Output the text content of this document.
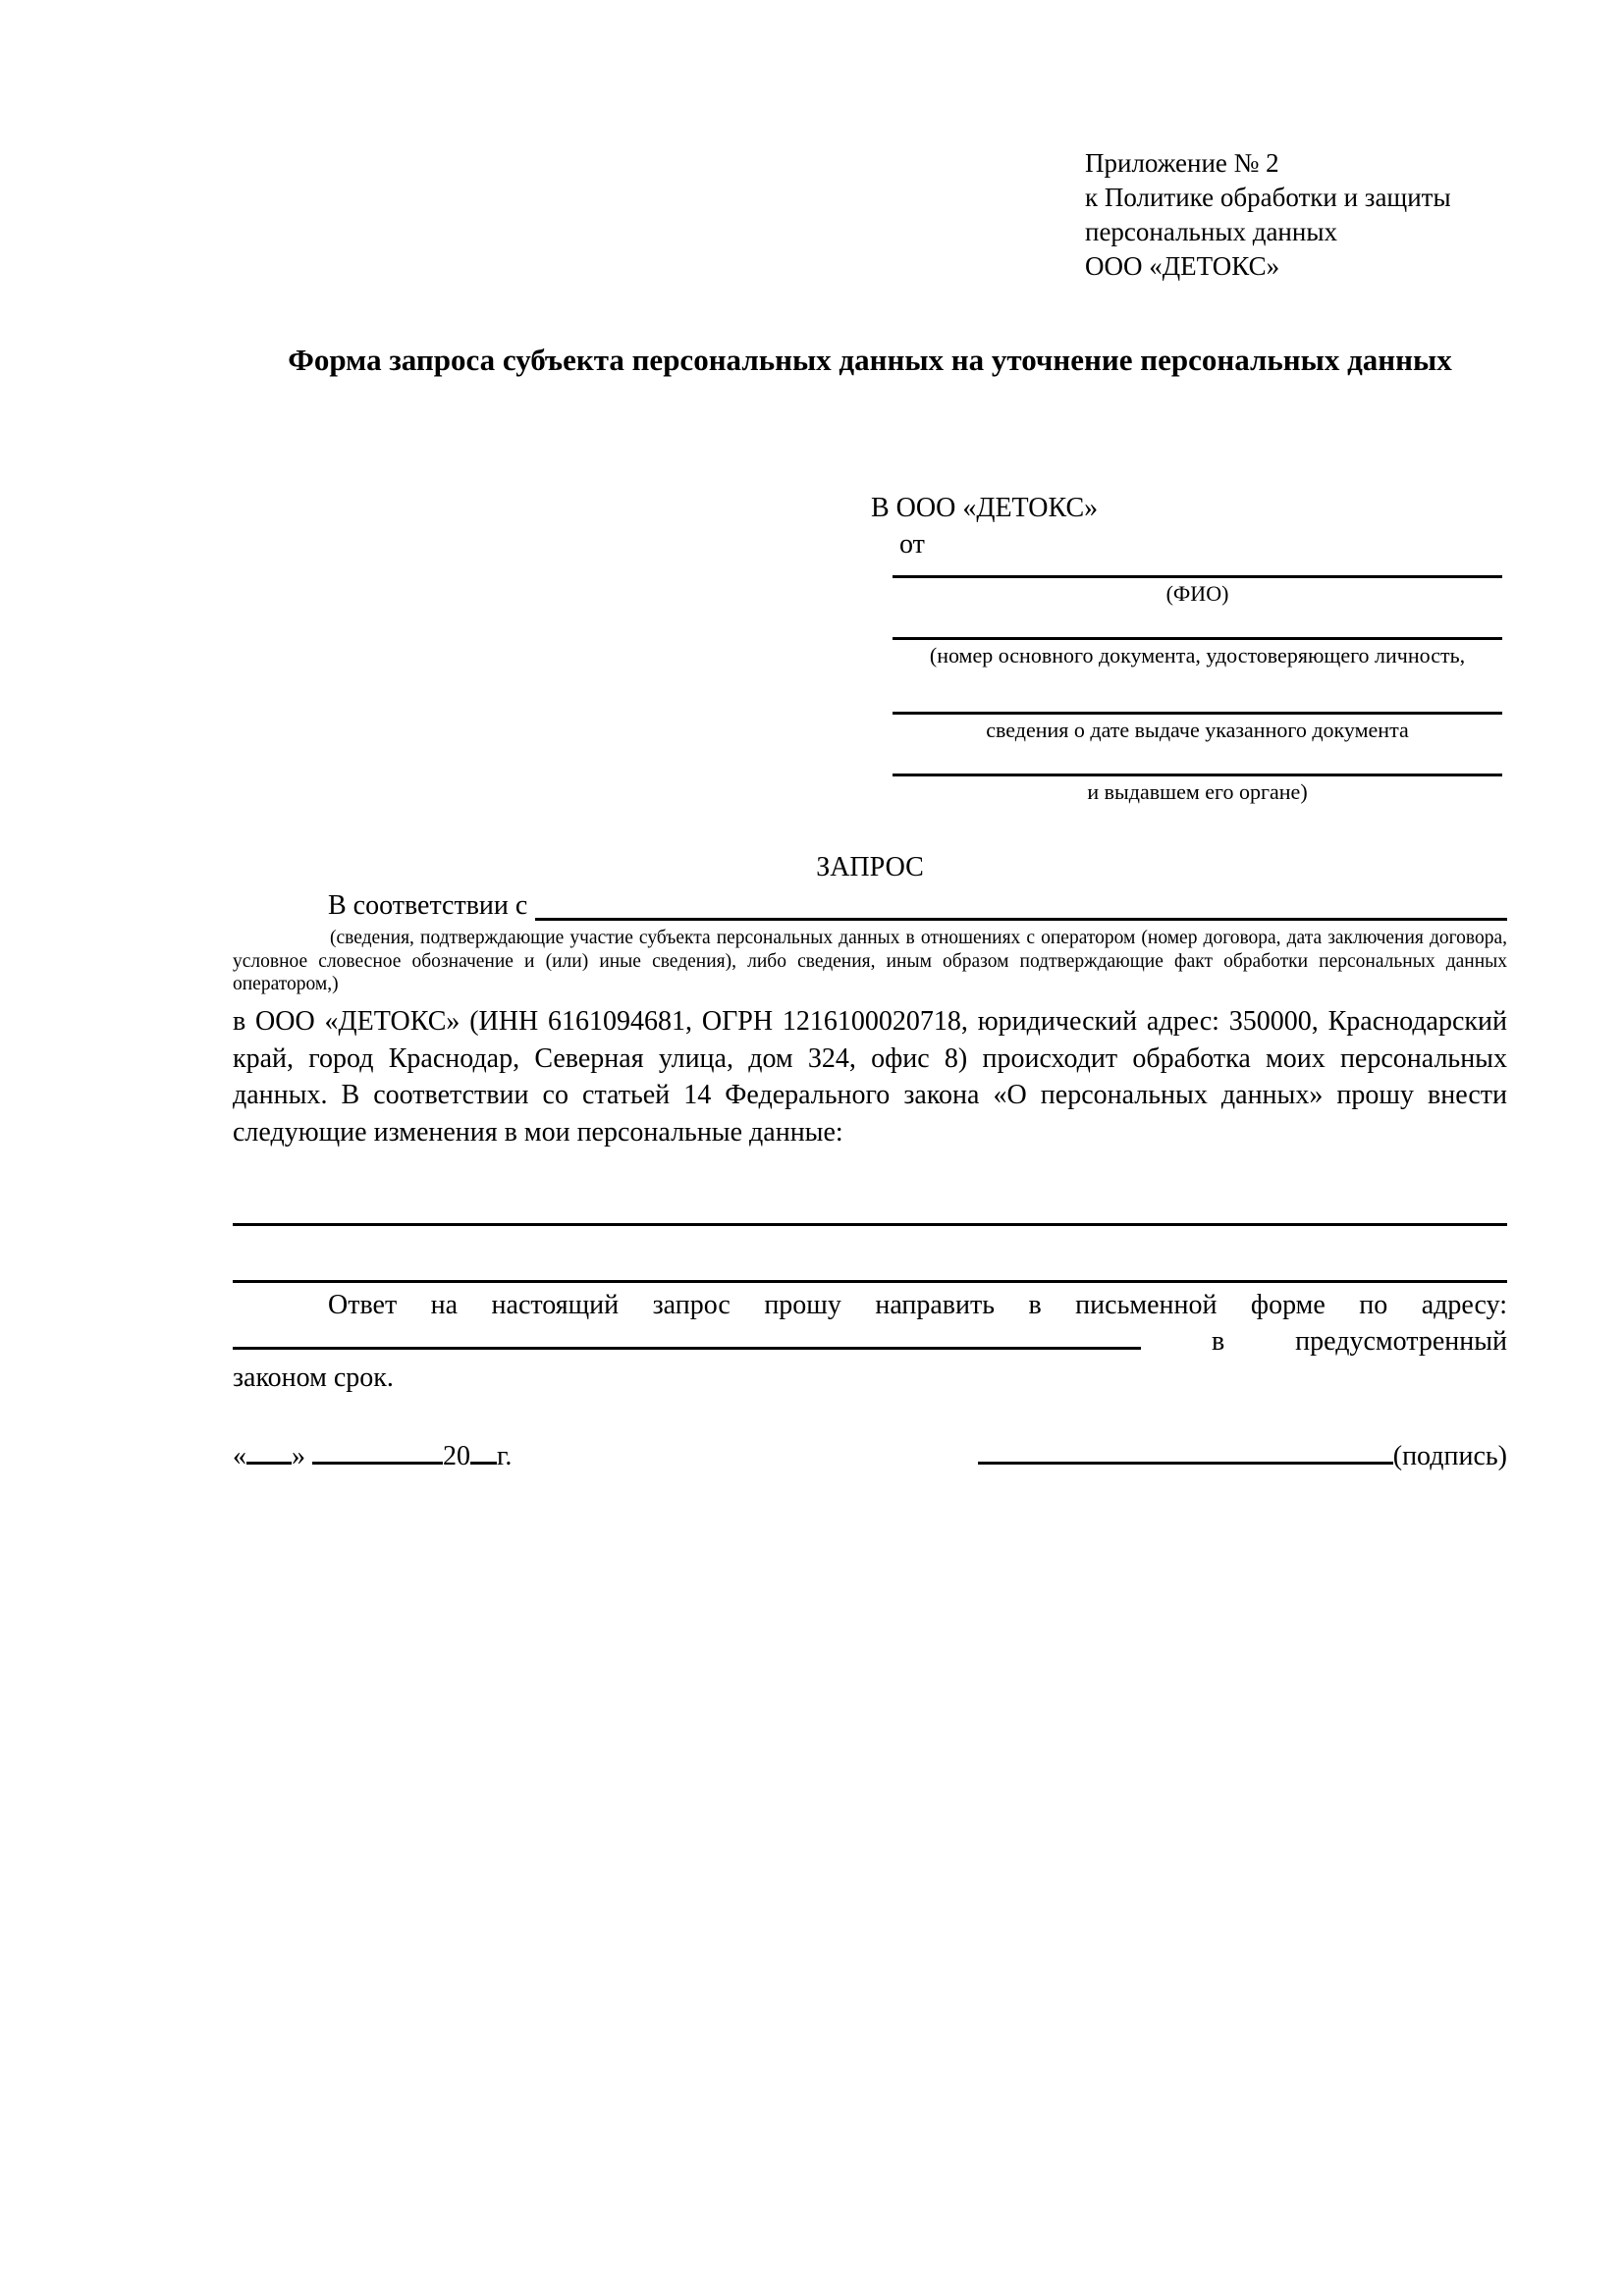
Приложение № 2
к Политике обработки и защиты
персональных данных
ООО «ДЕТОКС»
Форма запроса субъекта персональных данных на уточнение персональных данных
В ООО «ДЕТОКС»
от
(ФИО)
(номер основного документа, удостоверяющего личность,
сведения о дате выдаче указанного документа
и выдавшем его органе)
ЗАПРОС
В соответствии с
(сведения, подтверждающие участие субъекта персональных данных в отношениях с оператором (номер договора, дата заключения договора, условное словесное обозначение и (или) иные сведения), либо сведения, иным образом подтверждающие факт обработки персональных данных оператором,)
в ООО «ДЕТОКС» (ИНН 6161094681, ОГРН 1216100020718, юридический адрес: 350000, Краснодарский край, город Краснодар, Северная улица, дом 324, офис 8) происходит обработка моих персональных данных. В соответствии со статьей 14 Федерального закона «О персональных данных» прошу внести следующие изменения в мои персональные данные:
Ответ на настоящий запрос прошу направить в письменной форме по адресу:
в	предусмотренный
законом срок.
« »	20 г.	(подпись)
